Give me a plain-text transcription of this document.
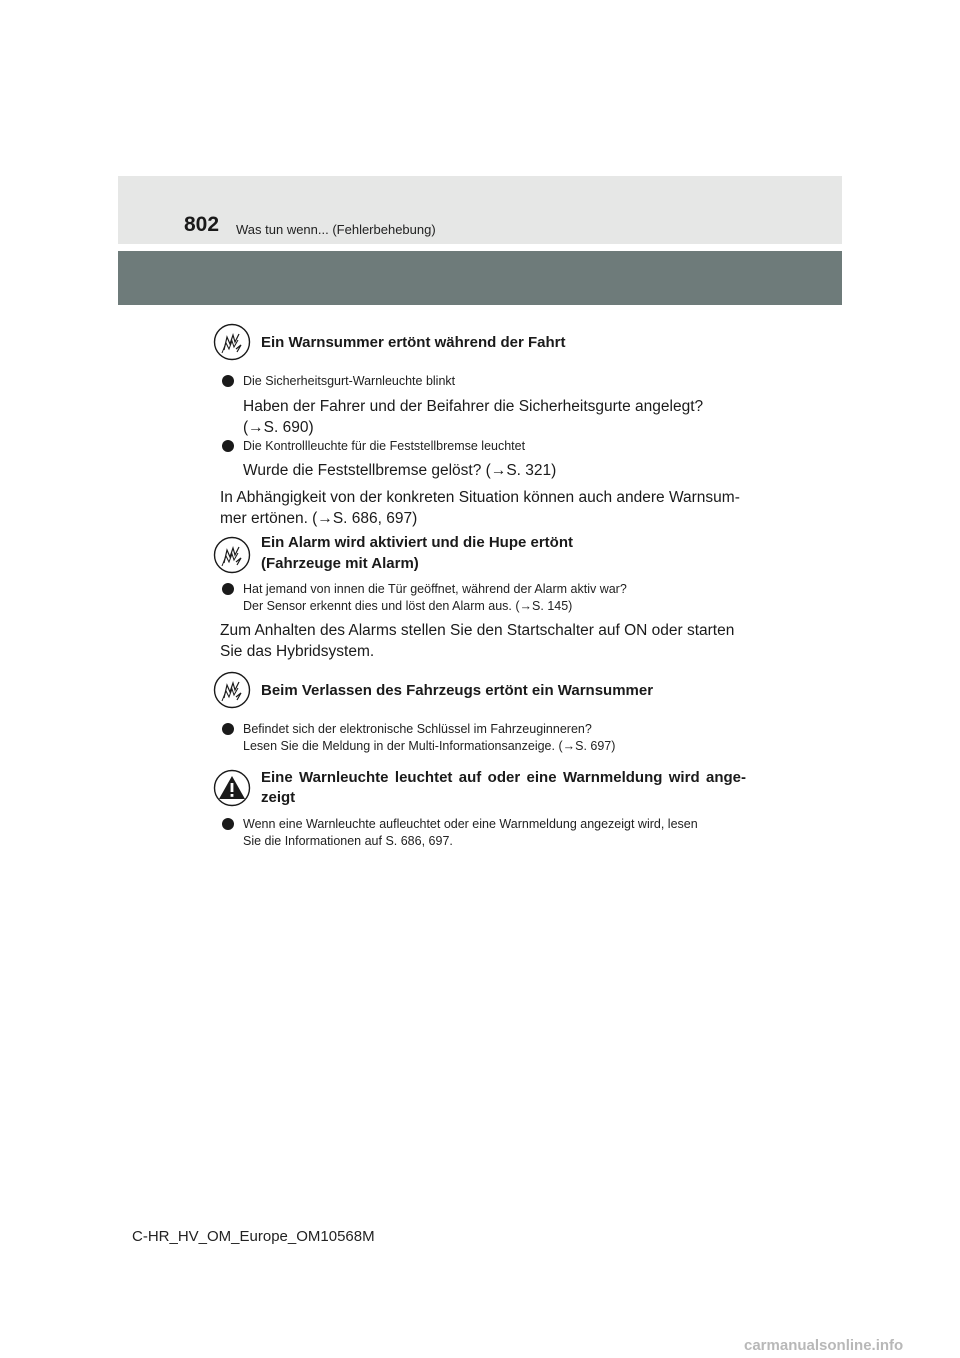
802 Was tun wenn... (Fehlerbehebung)
Ein Warnsummer ertönt während der Fahrt
Die Sicherheitsgurt-Warnleuchte blinkt
Haben der Fahrer und der Beifahrer die Sicherheitsgurte angelegt?
(→S. 690)
Die Kontrollleuchte für die Feststellbremse leuchtet
Wurde die Feststellbremse gelöst? (→S. 321)
In Abhängigkeit von der konkreten Situation können auch andere Warnsum-
mer ertönen. (→S. 686, 697)
Ein Alarm wird aktiviert und die Hupe ertönt
(Fahrzeuge mit Alarm)
Hat jemand von innen die Tür geöffnet, während der Alarm aktiv war?
Der Sensor erkennt dies und löst den Alarm aus. (→S. 145)
Zum Anhalten des Alarms stellen Sie den Startschalter auf ON oder starten
Sie das Hybridsystem.
Beim Verlassen des Fahrzeugs ertönt ein Warnsummer
Befindet sich der elektronische Schlüssel im Fahrzeuginneren?
Lesen Sie die Meldung in der Multi-Informationsanzeige. (→S. 697)
Eine Warnleuchte leuchtet auf oder eine Warnmeldung wird ange-
zeigt
Wenn eine Warnleuchte aufleuchtet oder eine Warnmeldung angezeigt wird, lesen
Sie die Informationen auf S. 686, 697.
C-HR_HV_OM_Europe_OM10568M
carmanualsonline.info
